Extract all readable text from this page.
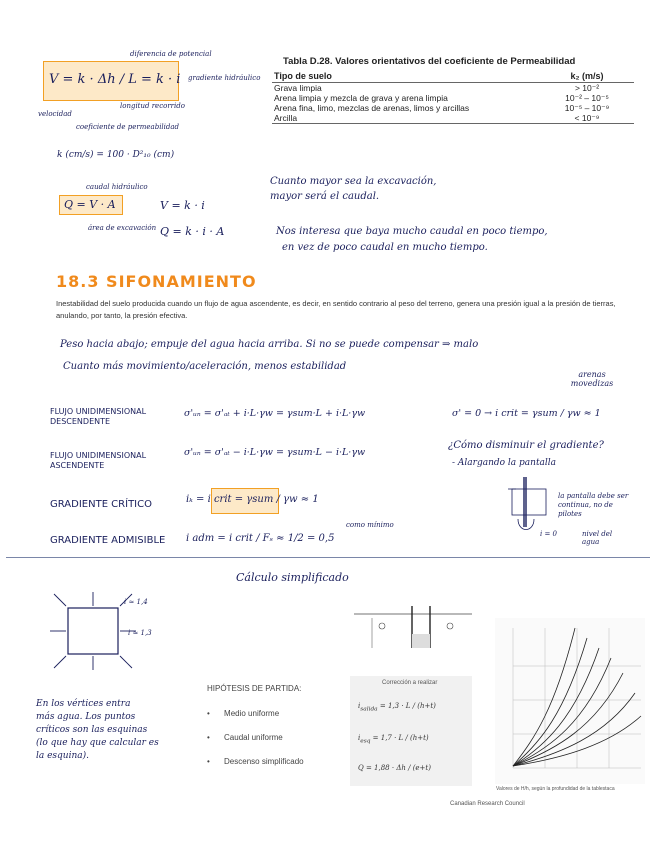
V = k · Δh / L = k · i
diferencia de potencial
gradiente hidráulico
longitud recorrido
velocidad
coeficiente de permeabilidad
k (cm/s) = 100 · D²₁₀ (cm)
caudal hidráulico
Q = V · A
área de excavación
V = k · i
Q = k · i · A
Tabla D.28. Valores orientativos del coeficiente de Permeabilidad
Tipo de suelo	k₂ (m/s)
Grava limpia	> 10⁻²
Arena limpia y mezcla de grava y arena limpia	10⁻² – 10⁻⁵
Arena fina, limo, mezclas de arenas, limos y arcillas	10⁻⁵ – 10⁻⁹
Arcilla	< 10⁻⁹
Cuanto mayor sea la excavación,
mayor será el caudal.
Nos interesa que baya mucho caudal en poco tiempo,
en vez de poco caudal en mucho tiempo.
18.3 SIFONAMIENTO
Inestabilidad del suelo producida cuando un flujo de agua ascendente, es decir, en sentido contrario al peso del terreno, genera una presión igual a la presión de tierras, anulando, por tanto, la presión efectiva.
Peso hacia abajo; empuje del agua hacia arriba. Si no se puede compensar ⇒ malo
Cuanto más movimiento/aceleración, menos estabilidad
arenas movedizas
FLUJO UNIDIMENSIONAL DESCENDENTE
σ'ᵤₙ = σ'ₐₜ + i·L·γw = γsum·L + i·L·γw
FLUJO UNIDIMENSIONAL ASCENDENTE
σ'ᵤₙ = σ'ₐₜ − i·L·γw = γsum·L − i·L·γw
σ' = 0 → i crit = γsum / γw ≈ 1
¿Cómo disminuir el gradiente?
- Alargando la pantalla
GRADIENTE CRÍTICO	iₖ = i crit = γsum / γw ≈ 1
GRADIENTE ADMISIBLE i adm = i crit / Fₛ ≈ 1/2 = 0,5
como mínimo
la pantalla debe ser continua, no de pilotes
i = 0	nivel del agua
Cálculo simplificado
i ≈ 1,4
i ≈ 1,3
En los vértices entra
más agua. Los puntos
críticos son las esquinas
(lo que hay que calcular es
la esquina).
HIPÓTESIS DE PARTIDA:
• Medio uniforme
• Caudal uniforme
• Descenso simplificado
Corrección a realizar
$i_{salida} = 1,3 \cdot L / (h+t)$
$i_{esq} = 1,7 \cdot L / (h+t)$
Q = 1,88 · Δh / (e+t)
Valores de H/h, según la profundidad de la tablestaca
Canadian Research Council
